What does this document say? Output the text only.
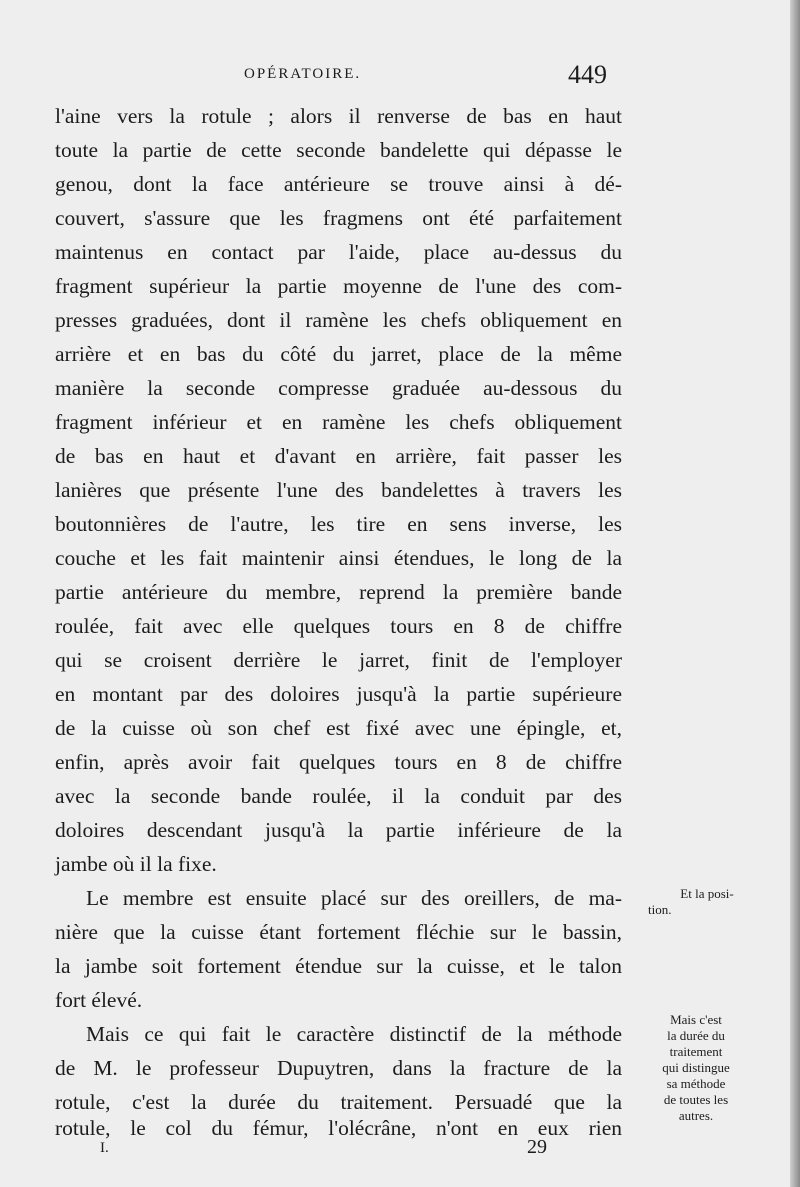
OPÉRATOIRE.	449
l'aine vers la rotule ; alors il renverse de bas en haut
toute la partie de cette seconde bandelette qui dépasse le
genou, dont la face antérieure se trouve ainsi à dé-
couvert, s'assure que les fragmens ont été parfaitement
maintenus en contact par l'aide, place au-dessus du
fragment supérieur la partie moyenne de l'une des com-
presses graduées, dont il ramène les chefs obliquement en
arrière et en bas du côté du jarret, place de la même
manière la seconde compresse graduée au-dessous du
fragment inférieur et en ramène les chefs obliquement
de bas en haut et d'avant en arrière, fait passer les
lanières que présente l'une des bandelettes à travers les
boutonnières de l'autre, les tire en sens inverse, les
couche et les fait maintenir ainsi étendues, le long de la
partie antérieure du membre, reprend la première bande
roulée, fait avec elle quelques tours en 8 de chiffre
qui se croisent derrière le jarret, finit de l'employer
en montant par des doloires jusqu'à la partie supérieure
de la cuisse où son chef est fixé avec une épingle, et,
enfin, après avoir fait quelques tours en 8 de chiffre
avec la seconde bande roulée, il la conduit par des
doloires descendant jusqu'à la partie inférieure de la
jambe où il la fixe.
Le membre est ensuite placé sur des oreillers, de ma-
nière que la cuisse étant fortement fléchie sur le bassin,
la jambe soit fortement étendue sur la cuisse, et le talon
fort élevé.
Mais ce qui fait le caractère distinctif de la méthode
de M. le professeur Dupuytren, dans la fracture de la
rotule, c'est la durée du traitement. Persuadé que la
rotule, le col du fémur, l'olécrâne, n'ont en eux rien
Et la posi-
tion.
Mais c'est
la durée du
traitement
qui distingue
sa méthode
de toutes les
autres.
I.	29
